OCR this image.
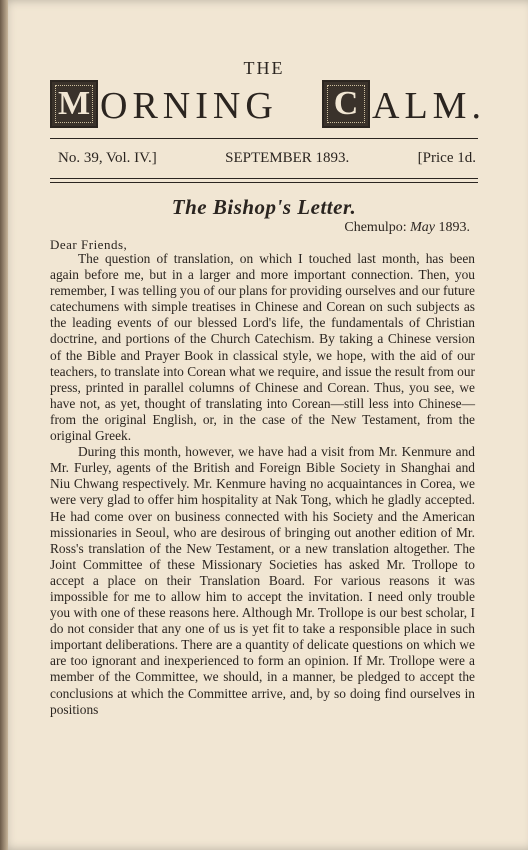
THE
M ORNING C ALM.
No. 39, Vol. IV.]	SEPTEMBER 1893.	[Price 1d.
The Bishop's Letter.
Chemulpo: May 1893.
Dear Friends,

The question of translation, on which I touched last month, has been again before me, but in a larger and more important connection. Then, you remember, I was telling you of our plans for providing ourselves and our future catechumens with simple treatises in Chinese and Corean on such subjects as the leading events of our blessed Lord's life, the fundamentals of Christian doctrine, and portions of the Church Catechism. By taking a Chinese version of the Bible and Prayer Book in classical style, we hope, with the aid of our teachers, to translate into Corean what we require, and issue the result from our press, printed in parallel columns of Chinese and Corean. Thus, you see, we have not, as yet, thought of translating into Corean—still less into Chinese—from the original English, or, in the case of the New Testament, from the original Greek.

During this month, however, we have had a visit from Mr. Kenmure and Mr. Furley, agents of the British and Foreign Bible Society in Shanghai and Niu Chwang respectively. Mr. Kenmure having no acquaintances in Corea, we were very glad to offer him hospitality at Nak Tong, which he gladly accepted. He had come over on business connected with his Society and the American missionaries in Seoul, who are desirous of bringing out another edition of Mr. Ross's translation of the New Testament, or a new translation altogether. The Joint Committee of these Missionary Societies has asked Mr. Trollope to accept a place on their Translation Board. For various reasons it was impossible for me to allow him to accept the invitation. I need only trouble you with one of these reasons here. Although Mr. Trollope is our best scholar, I do not consider that any one of us is yet fit to take a responsible place in such important deliberations. There are a quantity of delicate questions on which we are too ignorant and inexperienced to form an opinion. If Mr. Trollope were a member of the Committee, we should, in a manner, be pledged to accept the conclusions at which the Committee arrive, and, by so doing find ourselves in positions
